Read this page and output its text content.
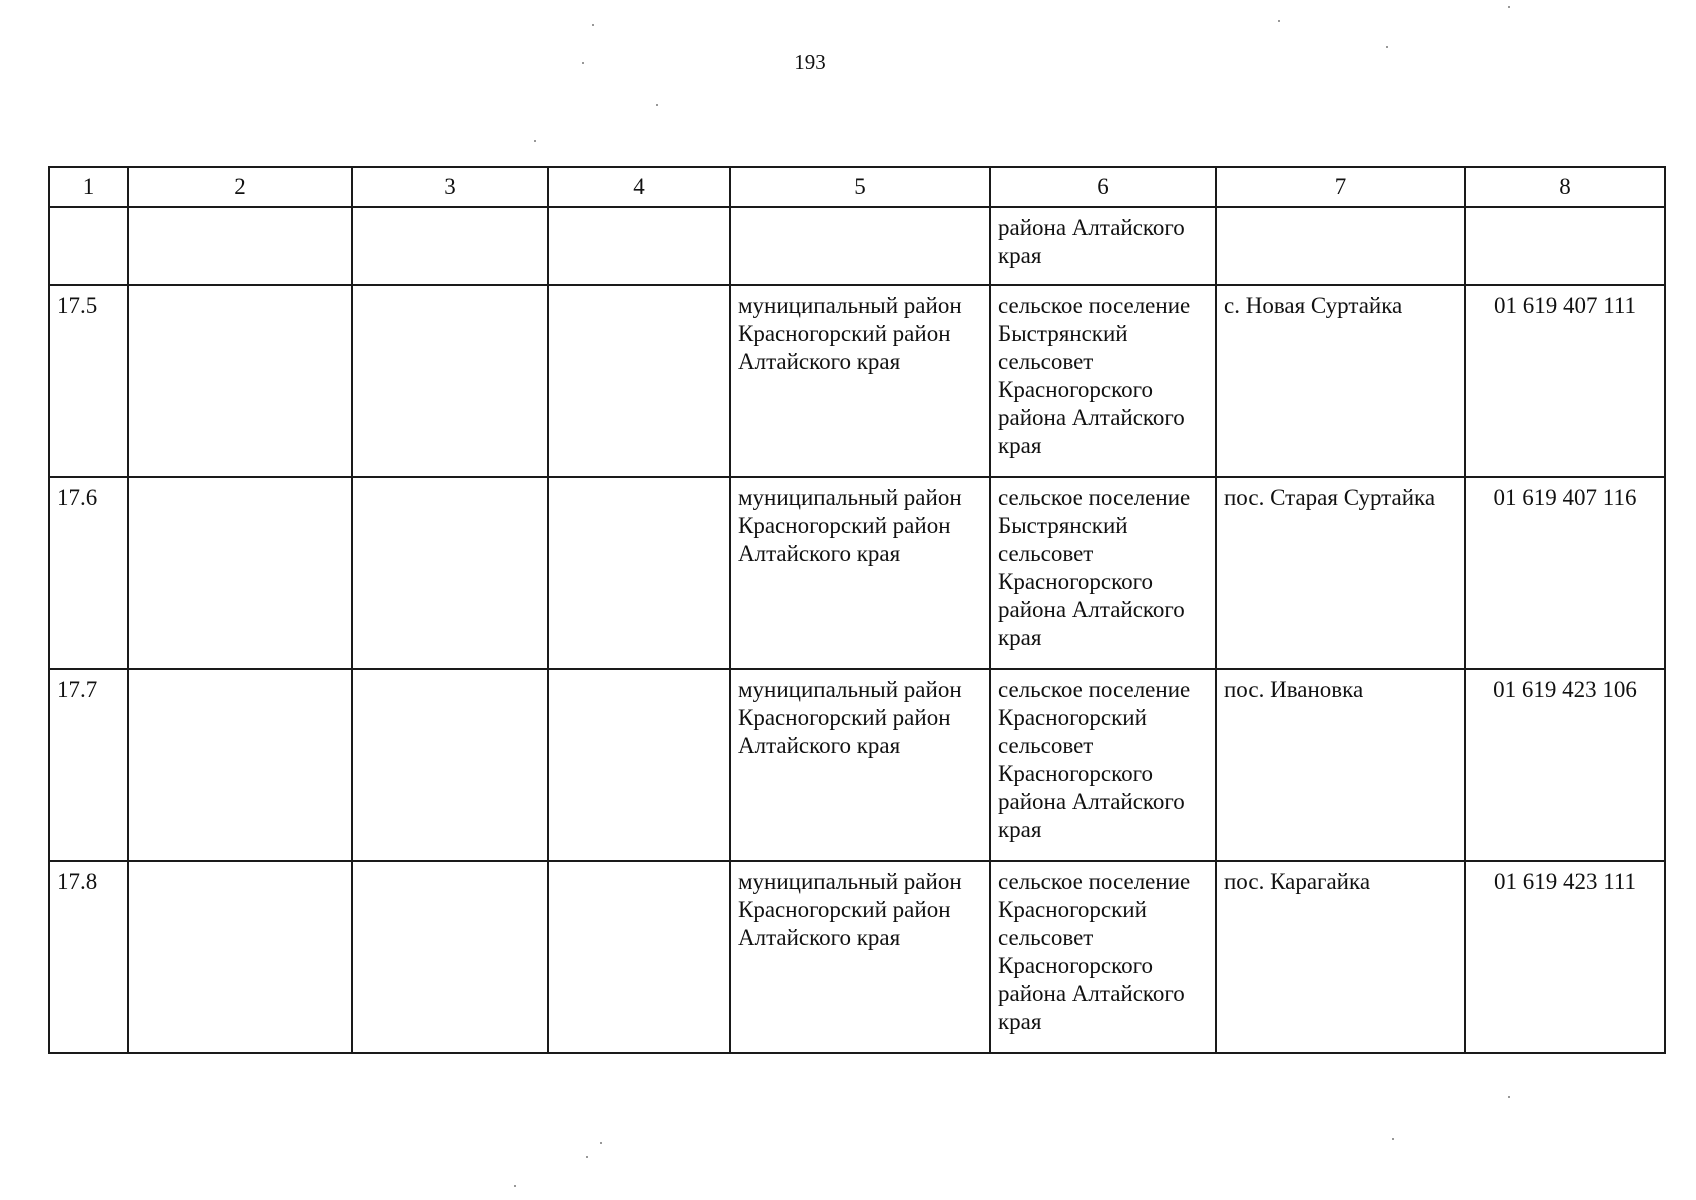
193
1	2	3	4	5	6	7	8
					района Алтайского края		
17.5				муниципальный район Красногорский район Алтайского края	сельское поселение Быстрянский сельсовет Красногорского района Алтайского края	с. Новая Суртайка	01 619 407 111
17.6				муниципальный район Красногорский район Алтайского края	сельское поселение Быстрянский сельсовет Красногорского района Алтайского края	пос. Старая Суртайка	01 619 407 116
17.7				муниципальный район Красногорский район Алтайского края	сельское поселение Красногорский сельсовет Красногорского района Алтайского края	пос. Ивановка	01 619 423 106
17.8				муниципальный район Красногорский район Алтайского края	сельское поселение Красногорский сельсовет Красногорского района Алтайского края	пос. Карагайка	01 619 423 111
